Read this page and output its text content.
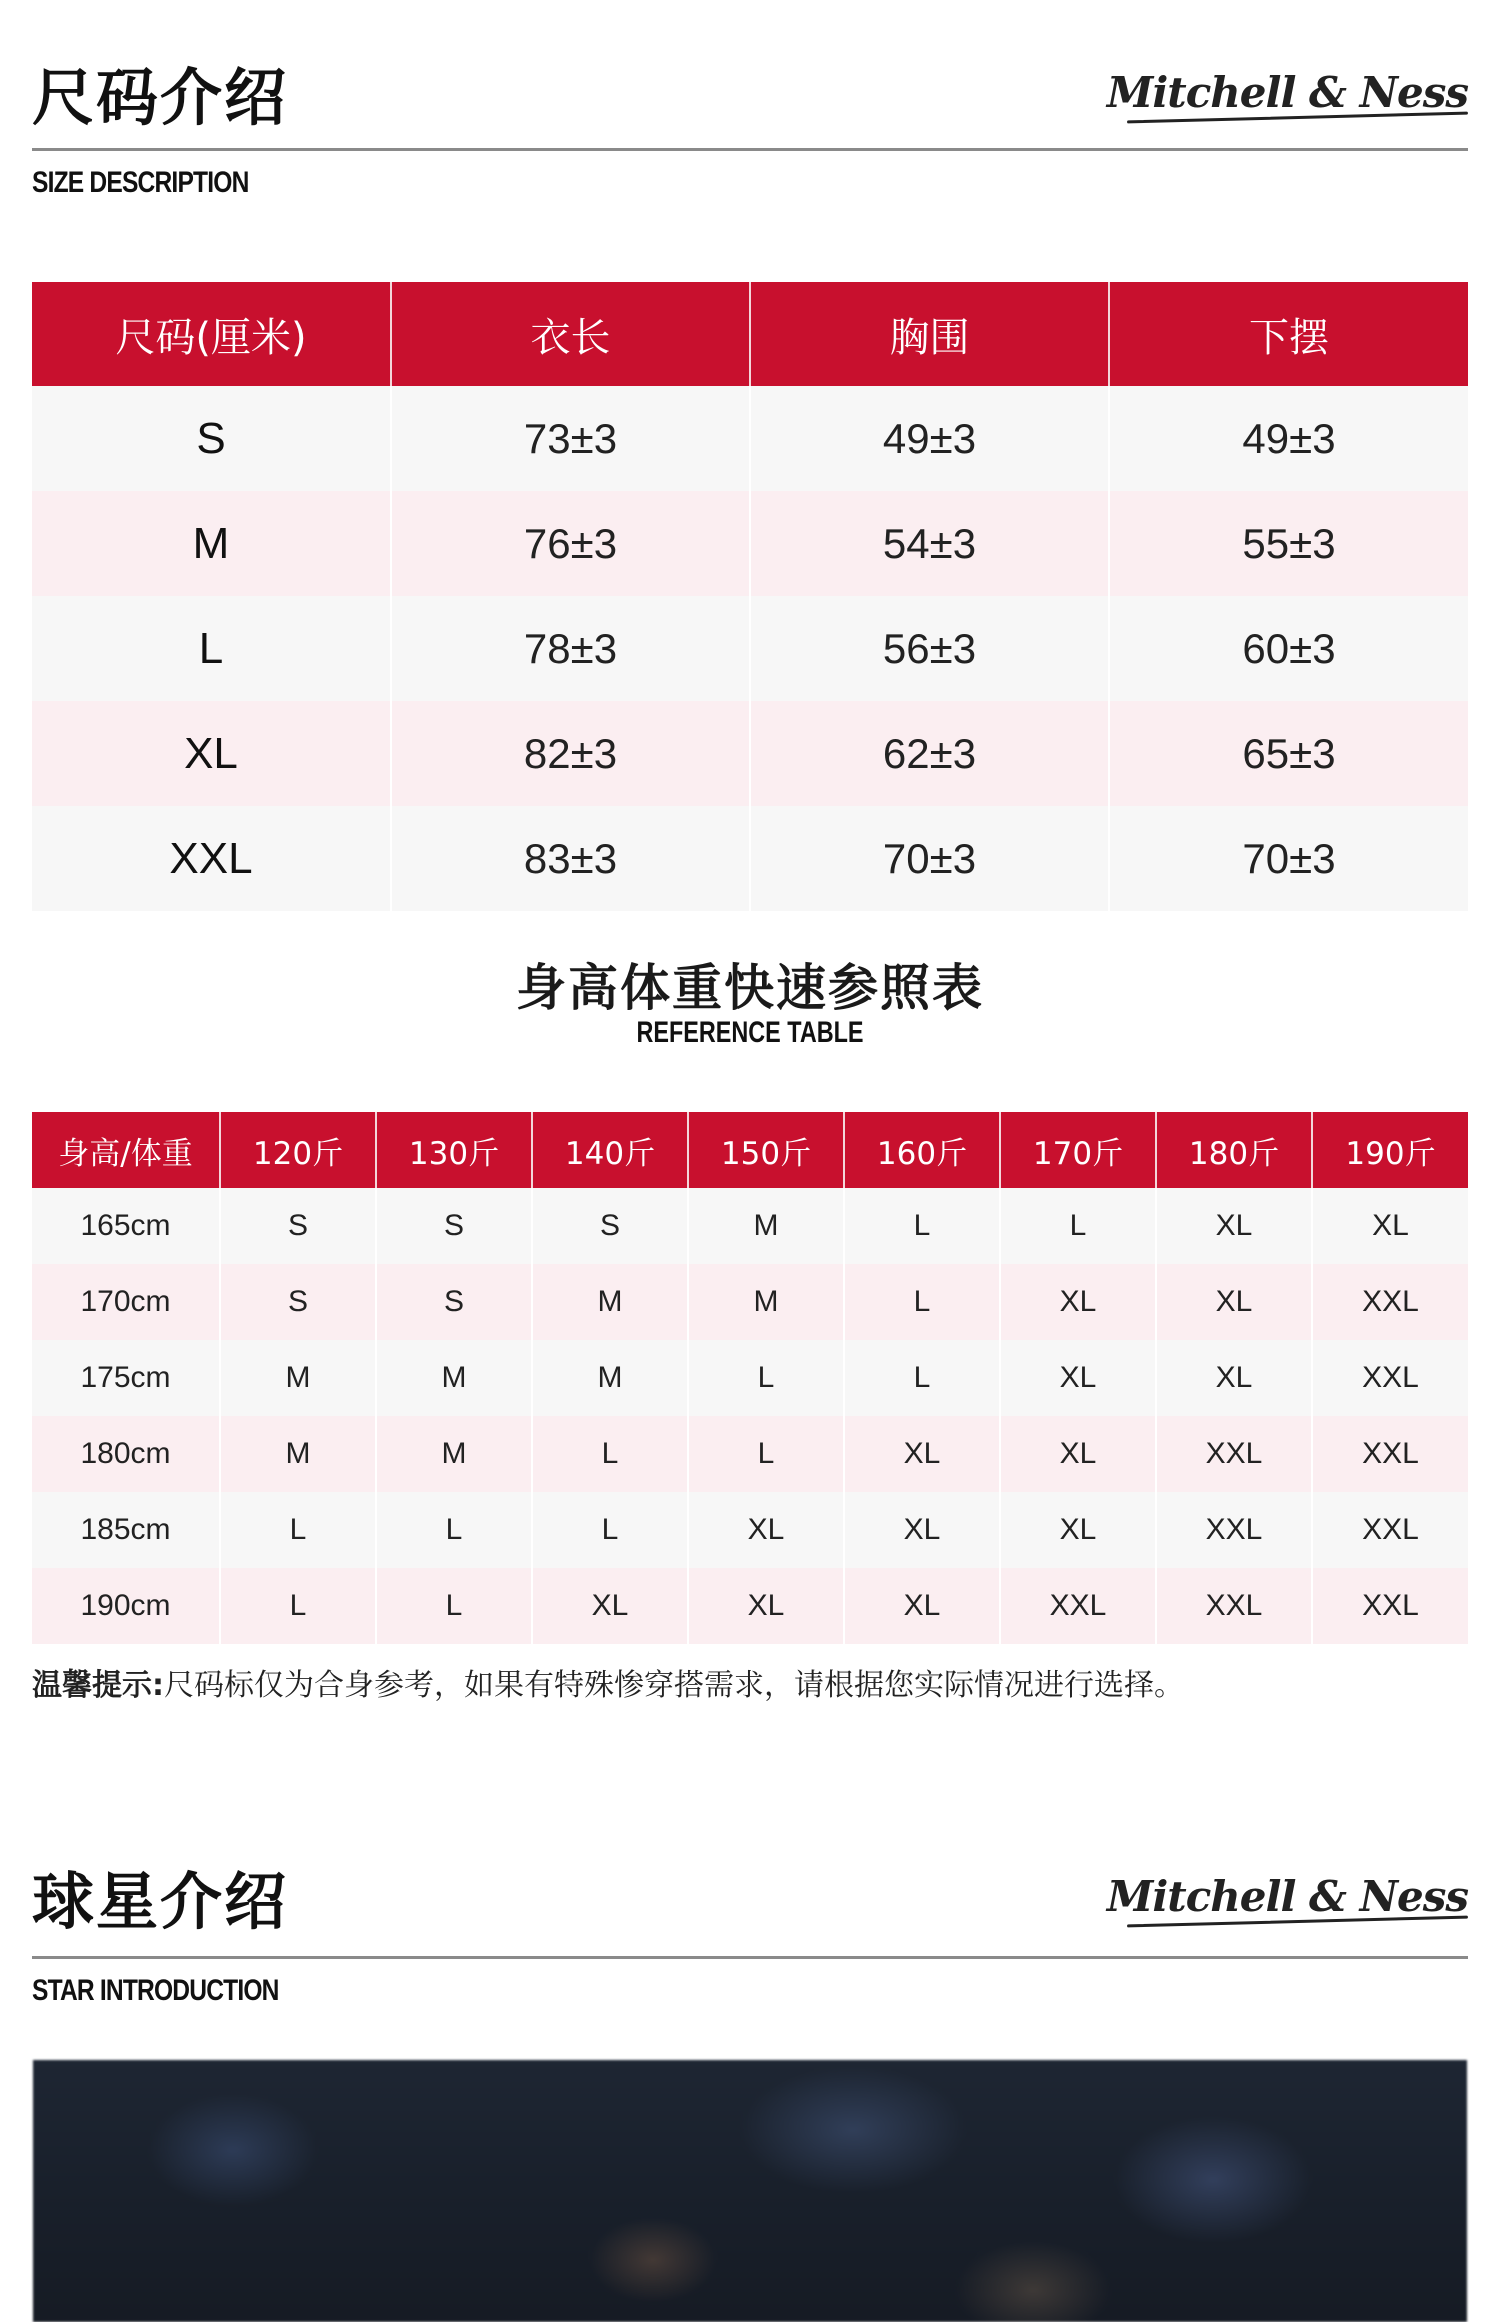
尺码介绍	Mitchell & Ness
SIZE DESCRIPTION
尺码(厘米)	衣长	胸围	下摆
S	73±3	49±3	49±3
M	76±3	54±3	55±3
L	78±3	56±3	60±3
XL	82±3	62±3	65±3
XXL	83±3	70±3	70±3
身高体重快速参照表
REFERENCE TABLE
身高/体重	120斤	130斤	140斤	150斤	160斤	170斤	180斤	190斤
165cm	S	S	S	M	L	L	XL	XL
170cm	S	S	M	M	L	XL	XL	XXL
175cm	M	M	M	L	L	XL	XL	XXL
180cm	M	M	L	L	XL	XL	XXL	XXL
185cm	L	L	L	XL	XL	XL	XXL	XXL
190cm	L	L	XL	XL	XL	XXL	XXL	XXL
温馨提示:尺码标仅为合身参考，如果有特殊惨穿搭需求，请根据您实际情况进行选择。
球星介绍	Mitchell & Ness
STAR INTRODUCTION
